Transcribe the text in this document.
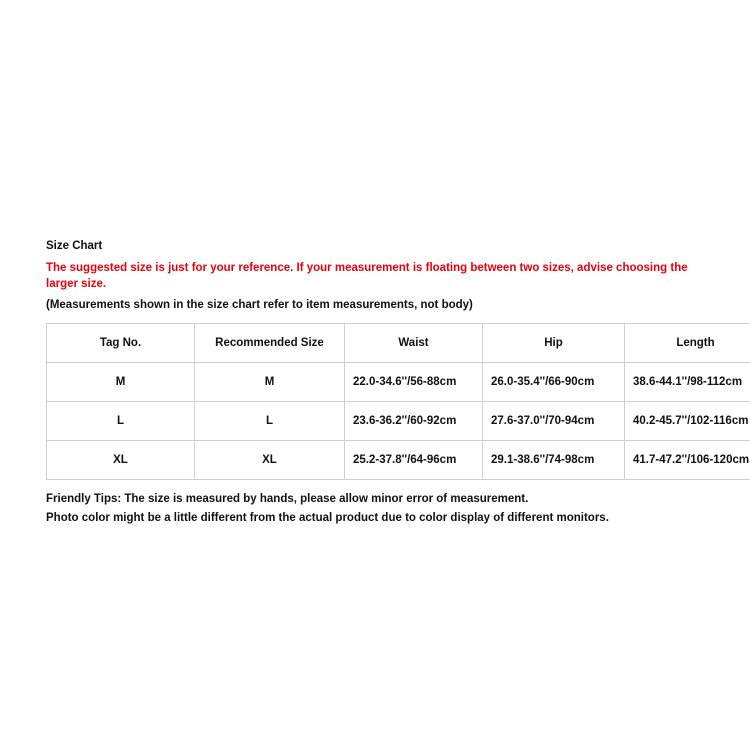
Size Chart
The suggested size is just for your reference. If your measurement is floating between two sizes, advise choosing the larger size.
(Measurements shown in the size chart refer to item measurements, not body)
Tag No.	Recommended Size	Waist	Hip	Length
M	M	22.0-34.6''/56-88cm	26.0-35.4''/66-90cm	38.6-44.1''/98-112cm
L	L	23.6-36.2''/60-92cm	27.6-37.0''/70-94cm	40.2-45.7''/102-116cm
XL	XL	25.2-37.8''/64-96cm	29.1-38.6''/74-98cm	41.7-47.2''/106-120cm
Friendly Tips: The size is measured by hands, please allow minor error of measurement.
Photo color might be a little different from the actual product due to color display of different monitors.
